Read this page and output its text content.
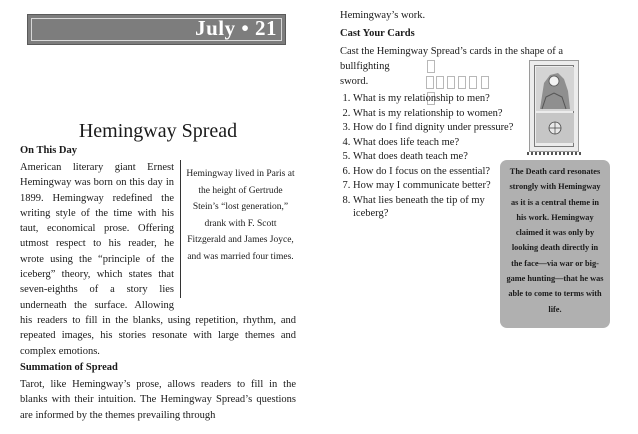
July • 21
Hemingway Spread
On This Day
Hemingway lived in Paris at the height of Gertrude Stein’s “lost generation,” drank with F. Scott Fitzgerald and James Joyce, and was married four times.

American literary giant Ernest Hemingway was born on this day in 1899. Hemingway redefined the writing style of the time with his taut, economical prose. Offering utmost respect to his reader, he wrote using the “principle of the iceberg” theory, which states that seven-eighths of a story lies underneath the surface. Allowing his readers to fill in the blanks, using repetition, rhythm, and repeated images, his stories resonate with large themes and complex emotions.

Summation of Spread

Tarot, like Hemingway’s prose, allows readers to fill in the blanks with their intuition. The Hemingway Spread’s questions are informed by the themes prevailing through

Hemingway’s work.

Cast Your Cards
Cast the Hemingway Spread’s cards in the shape of a
bullfighting
sword.
1. What is my relationship to men?
2. What is my relationship to women?
3. How do I find dignity under pressure?
4. What does life teach me?
5. What does death teach me?
6. How do I focus on the essential?
7. How may I communicate better?
8. What lies beneath the tip of my iceberg?
The Death card resonates strongly with Hemingway as it is a central theme in his work. Hemingway claimed it was only by looking death directly in the face—via war or big-game hunting—that he was able to come to terms with life.
